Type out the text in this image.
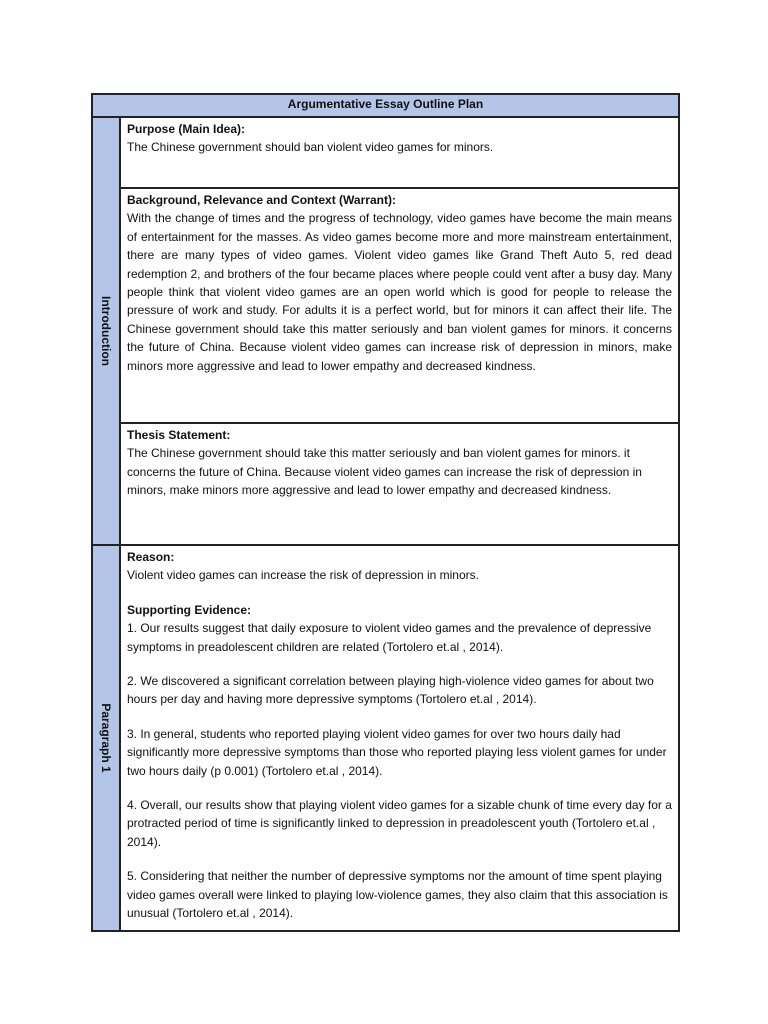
Argumentative Essay Outline Plan
Introduction
Purpose (Main Idea):
The Chinese government should ban violent video games for minors.
Background, Relevance and Context (Warrant):
With the change of times and the progress of technology, video games have become the main means of entertainment for the masses. As video games become more and more mainstream entertainment, there are many types of video games. Violent video games like Grand Theft Auto 5, red dead redemption 2, and brothers of the four became places where people could vent after a busy day. Many people think that violent video games are an open world which is good for people to release the pressure of work and study. For adults it is a perfect world, but for minors it can affect their life. The Chinese government should take this matter seriously and ban violent games for minors. it concerns the future of China. Because violent video games can increase risk of depression in minors, make minors more aggressive and lead to lower empathy and decreased kindness.
Thesis Statement:
The Chinese government should take this matter seriously and ban violent games for minors. it concerns the future of China. Because violent video games can increase the risk of depression in minors, make minors more aggressive and lead to lower empathy and decreased kindness.
Paragraph 1
Reason:
Violent video games can increase the risk of depression in minors.
Supporting Evidence:

1. Our results suggest that daily exposure to violent video games and the prevalence of depressive symptoms in preadolescent children are related (Tortolero et.al , 2014).

2. We discovered a significant correlation between playing high-violence video games for about two hours per day and having more depressive symptoms (Tortolero et.al , 2014).

3. In general, students who reported playing violent video games for over two hours daily had significantly more depressive symptoms than those who reported playing less violent games for under two hours daily (p 0.001) (Tortolero et.al , 2014).

4. Overall, our results show that playing violent video games for a sizable chunk of time every day for a protracted period of time is significantly linked to depression in preadolescent youth (Tortolero et.al , 2014).

5. Considering that neither the number of depressive symptoms nor the amount of time spent playing video games overall were linked to playing low-violence games, they also claim that this association is unusual (Tortolero et.al , 2014).
